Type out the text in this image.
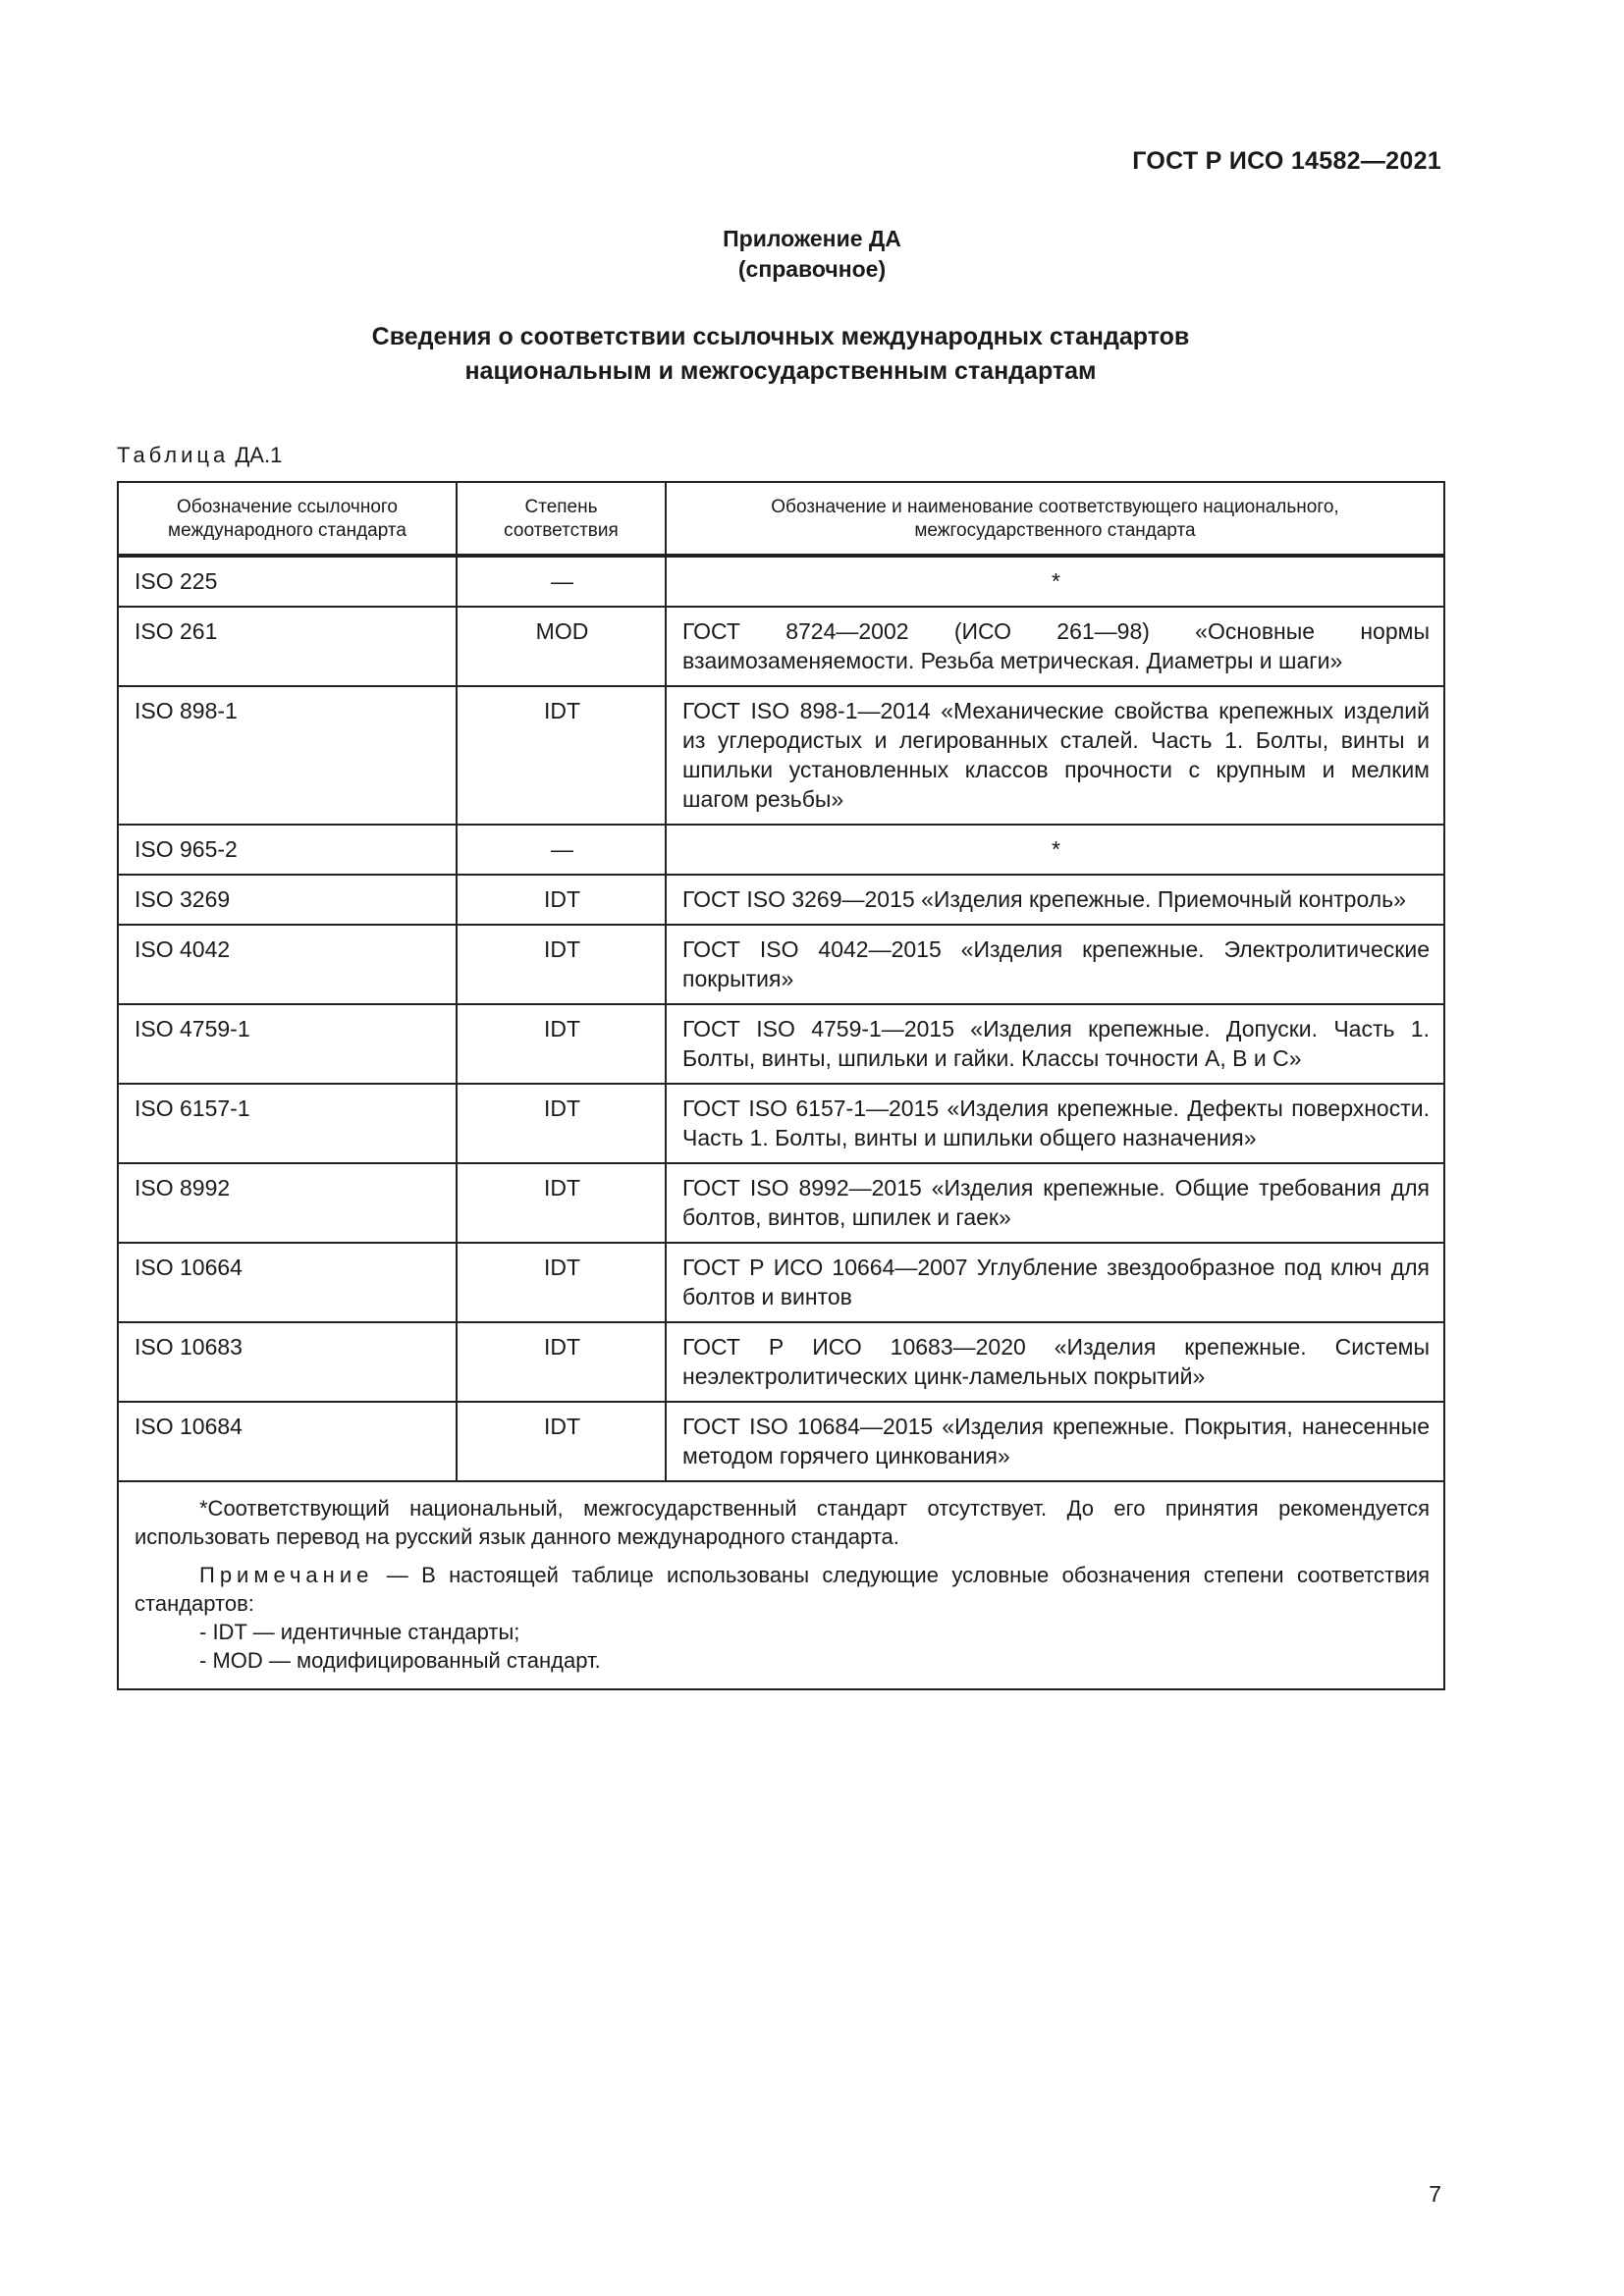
ГОСТ Р ИСО 14582—2021
Приложение ДА
(справочное)
Сведения о соответствии ссылочных международных стандартов
национальным и межгосударственным стандартам
Таблица ДА.1
Обозначение ссылочного международного стандарта	Степень соответствия	Обозначение и наименование соответствующего национального, межгосударственного стандарта

ISO 225	—	*
ISO 261	MOD	ГОСТ 8724—2002 (ИСО 261—98) «Основные нормы взаимозаменяемости. Резьба метрическая. Диаметры и шаги»
ISO 898-1	IDT	ГОСТ ISO 898-1—2014 «Механические свойства крепежных изделий из углеродистых и легированных сталей. Часть 1. Болты, винты и шпильки установленных классов прочности с крупным и мелким шагом резьбы»
ISO 965-2	—	*
ISO 3269	IDT	ГОСТ ISO 3269—2015 «Изделия крепежные. Приемочный контроль»
ISO 4042	IDT	ГОСТ ISO 4042—2015 «Изделия крепежные. Электролитические покрытия»
ISO 4759-1	IDT	ГОСТ ISO 4759-1—2015 «Изделия крепежные. Допуски. Часть 1. Болты, винты, шпильки и гайки. Классы точности А, В и С»
ISO 6157-1	IDT	ГОСТ ISO 6157-1—2015 «Изделия крепежные. Дефекты поверхности. Часть 1. Болты, винты и шпильки общего назначения»
ISO 8992	IDT	ГОСТ ISO 8992—2015 «Изделия крепежные. Общие требования для болтов, винтов, шпилек и гаек»
ISO 10664	IDT	ГОСТ Р ИСО 10664—2007 Углубление звездообразное под ключ для болтов и винтов
ISO 10683	IDT	ГОСТ Р ИСО 10683—2020 «Изделия крепежные. Системы неэлектролитических цинк-ламельных покрытий»
ISO 10684	IDT	ГОСТ ISO 10684—2015 «Изделия крепежные. Покрытия, нанесенные методом горячего цинкования»

*Соответствующий национальный, межгосударственный стандарт отсутствует. До его принятия рекомендуется использовать перевод на русский язык данного международного стандарта.

Примечание — В настоящей таблице использованы следующие условные обозначения степени соответствия стандартов:

- IDT — идентичные стандарты;

- MOD — модифицированный стандарт.		

7
